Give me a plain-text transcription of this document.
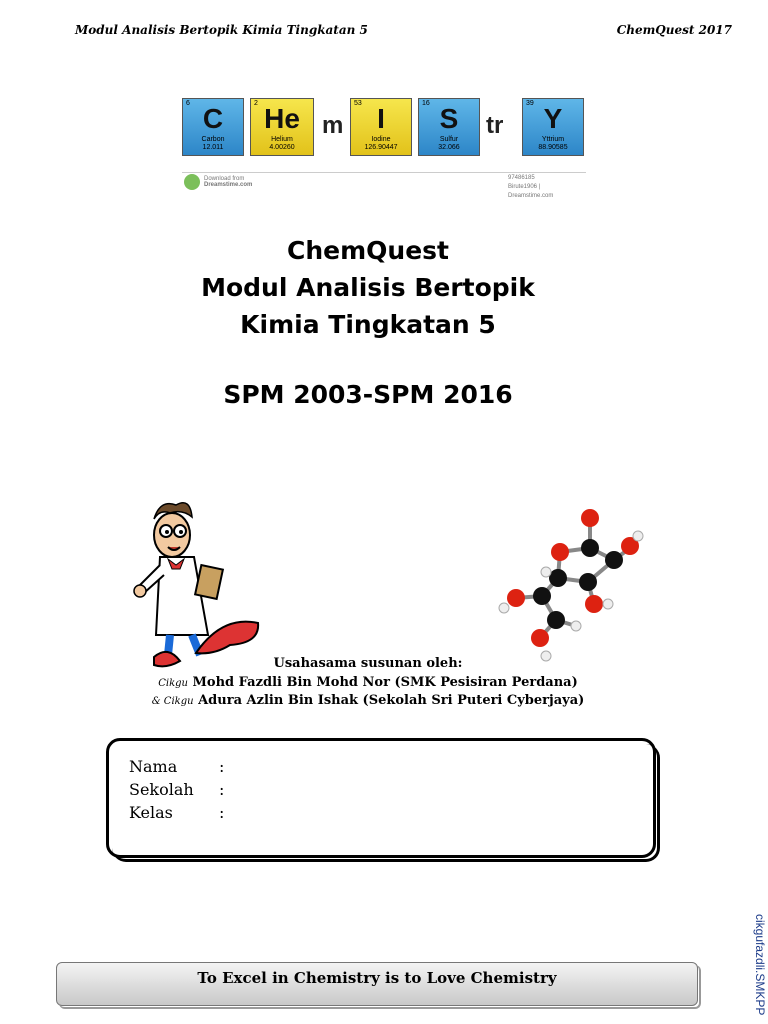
Modul Analisis Bertopik Kimia Tingkatan 5	ChemQuest 2017
6 C
Carbon
12.011
2 He
Helium
4.00260
m
53 I
Iodine
126.90447
16 S
Sulfur
32.066
tr
39 Y
Yttrium
88.90585
Download from
Dreamstime.com
97486185
Birute1906 | Dreamstime.com
ChemQuest
Modul Analisis Bertopik
Kimia Tingkatan 5
SPM 2003-SPM 2016
Usahasama susunan oleh:
Cikgu Mohd Fazdli Bin Mohd Nor (SMK Pesisiran Perdana)
& Cikgu Adura Azlin Bin Ishak (Sekolah Sri Puteri Cyberjaya)
Nama	:
Sekolah :
Kelas	:
cikgufazdli.SMKPP
To Excel in Chemistry is to Love Chemistry
